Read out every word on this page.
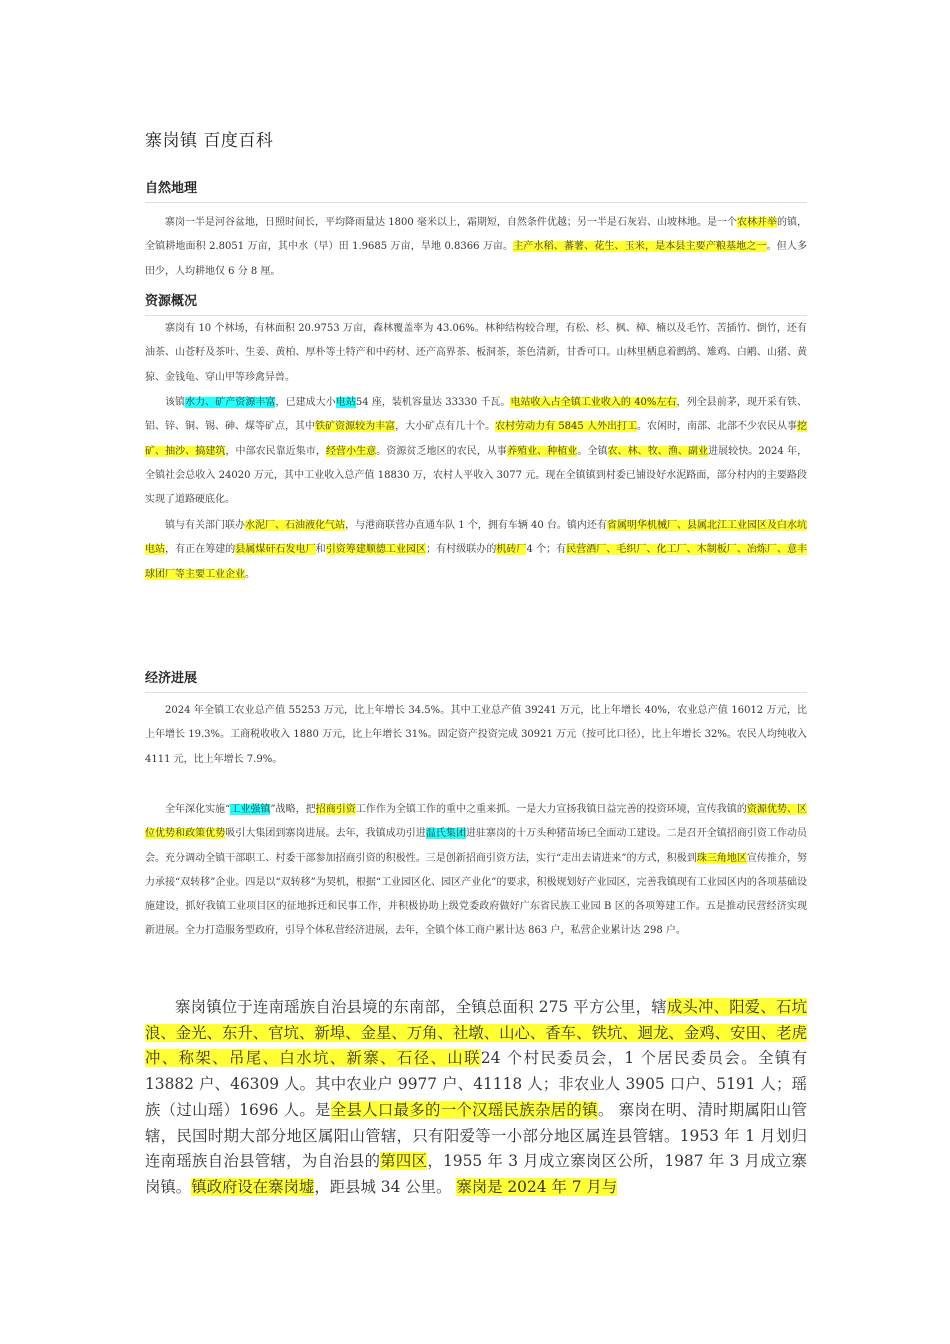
寨岗镇 百度百科
自然地理
寨岗一半是河谷盆地，日照时间长，平均降雨量达 1800 毫米以上，霜期短，自然条件优越；另一半是石灰岩、山坡林地。是一个农林并举的镇，全镇耕地面积 2.8051 万亩，其中水（早）田 1.9685 万亩，旱地 0.8366 万亩。主产水稻、蕃薯、花生、玉米，是本县主要产粮基地之一。但人多田少，人均耕地仅 6 分 8 厘。
资源概况
寨岗有 10 个林场，有林面积 20.9753 万亩，森林覆盖率为 43.06%。林种结构较合理，有松、杉、枫、樟、楠以及毛竹、苦插竹、倒竹，还有油茶、山苍籽及茶叶、生姜、黄柏、厚朴等土特产和中药材、还产高界茶、板洞茶，茶色清新，甘香可口。山林里栖息着鹧鸪、雉鸡、白鹇、山猪、黄猄、金钱龟、穿山甲等珍禽异兽。
该镇水力、矿产资源丰富，已建成大小电站54 座，装机容量达 33330 千瓦。电站收入占全镇工业收入的 40%左右，列全县前茅，现开采有铁、铝、锌、铜、锡、砷、煤等矿点，其中铁矿资源较为丰富，大小矿点有几十个。农村劳动力有 5845 人外出打工。农闲时，南部、北部不少农民从事挖矿、抽沙、搞建筑，中部农民靠近集市，经营小生意。资源贫乏地区的农民，从事养殖业、种植业。全镇农、林、牧、渔、副业进展较快。2024 年，全镇社会总收入 24020 万元，其中工业收入总产值 18830 万，农村人平收入 3077 元。现在全镇镇到村委已铺设好水泥路面，部分村内的主要路段实现了道路硬底化。
镇与有关部门联办水泥厂、石油液化气站，与港商联营办直通车队 1 个，拥有车辆 40 台。镇内还有省属明华机械厂、县属北江工业园区及白水坑电站，有正在筹建的县属煤矸石发电厂和引资筹建顺德工业园区；有村级联办的机砖厂4 个；有民营酒厂、毛织厂、化工厂、木制板厂、冶炼厂、意丰球团厂等主要工业企业。
经济进展
2024 年全镇工农业总产值 55253 万元，比上年增长 34.5%。其中工业总产值 39241 万元，比上年增长 40%，农业总产值 16012 万元，比上年增长 19.3%。工商税收收入 1880 万元，比上年增长 31%。固定资产投资完成 30921 万元（按可比口径），比上年增长 32%。农民人均纯收入 4111 元，比上年增长 7.9%。
全年深化实施“工业强镇”战略，把招商引资工作作为全镇工作的重中之重来抓。一是大力宣扬我镇日益完善的投资环境，宣传我镇的资源优势、区位优势和政策优势吸引大集团到寨岗进展。去年，我镇成功引进温氏集团进驻寨岗的十万头种猪苗场已全面动工建设。二是召开全镇招商引资工作动员会。充分调动全镇干部职工、村委干部参加招商引资的积极性。三是创新招商引资方法，实行“走出去请进来”的方式，积极到珠三角地区宣传推介，努力承接“双转移”企业。四是以“双转移”为契机，根据“工业园区化、园区产业化”的要求，积极规划好产业园区，完善我镇现有工业园区内的各项基础设施建设，抓好我镇工业项目区的征地拆迁和民事工作，并积极协助上级党委政府做好广东省民族工业园 B 区的各项筹建工作。五是推动民营经济实现新进展。全力打造服务型政府，引导个体私营经济进展，去年，全镇个体工商户累计达 863 户，私营企业累计达 298 户。
寨岗镇位于连南瑶族自治县境的东南部，全镇总面积 275 平方公里，辖成头冲、阳爱、石坑浪、金光、东升、官坑、新埠、金星、万角、社墩、山心、香车、铁坑、迴龙、金鸡、安田、老虎冲、称架、吊尾、白水坑、新寨、石径、山联24 个村民委员会，1 个居民委员会。全镇有 13882 户、46309 人。其中农业户 9977 户、41118 人；非农业人 3905 口户、5191 人；瑶族（过山瑶）1696 人。是全县人口最多的一个汉瑶民族杂居的镇。 寨岗在明、清时期属阳山管辖，民国时期大部分地区属阳山管辖，只有阳爱等一小部分地区属连县管辖。1953 年 1 月划归连南瑶族自治县管辖，为自治县的第四区，1955 年 3 月成立寨岗区公所，1987 年 3 月成立寨岗镇。镇政府设在寨岗墟，距县城 34 公里。 寨岗是 2024 年 7 月与
